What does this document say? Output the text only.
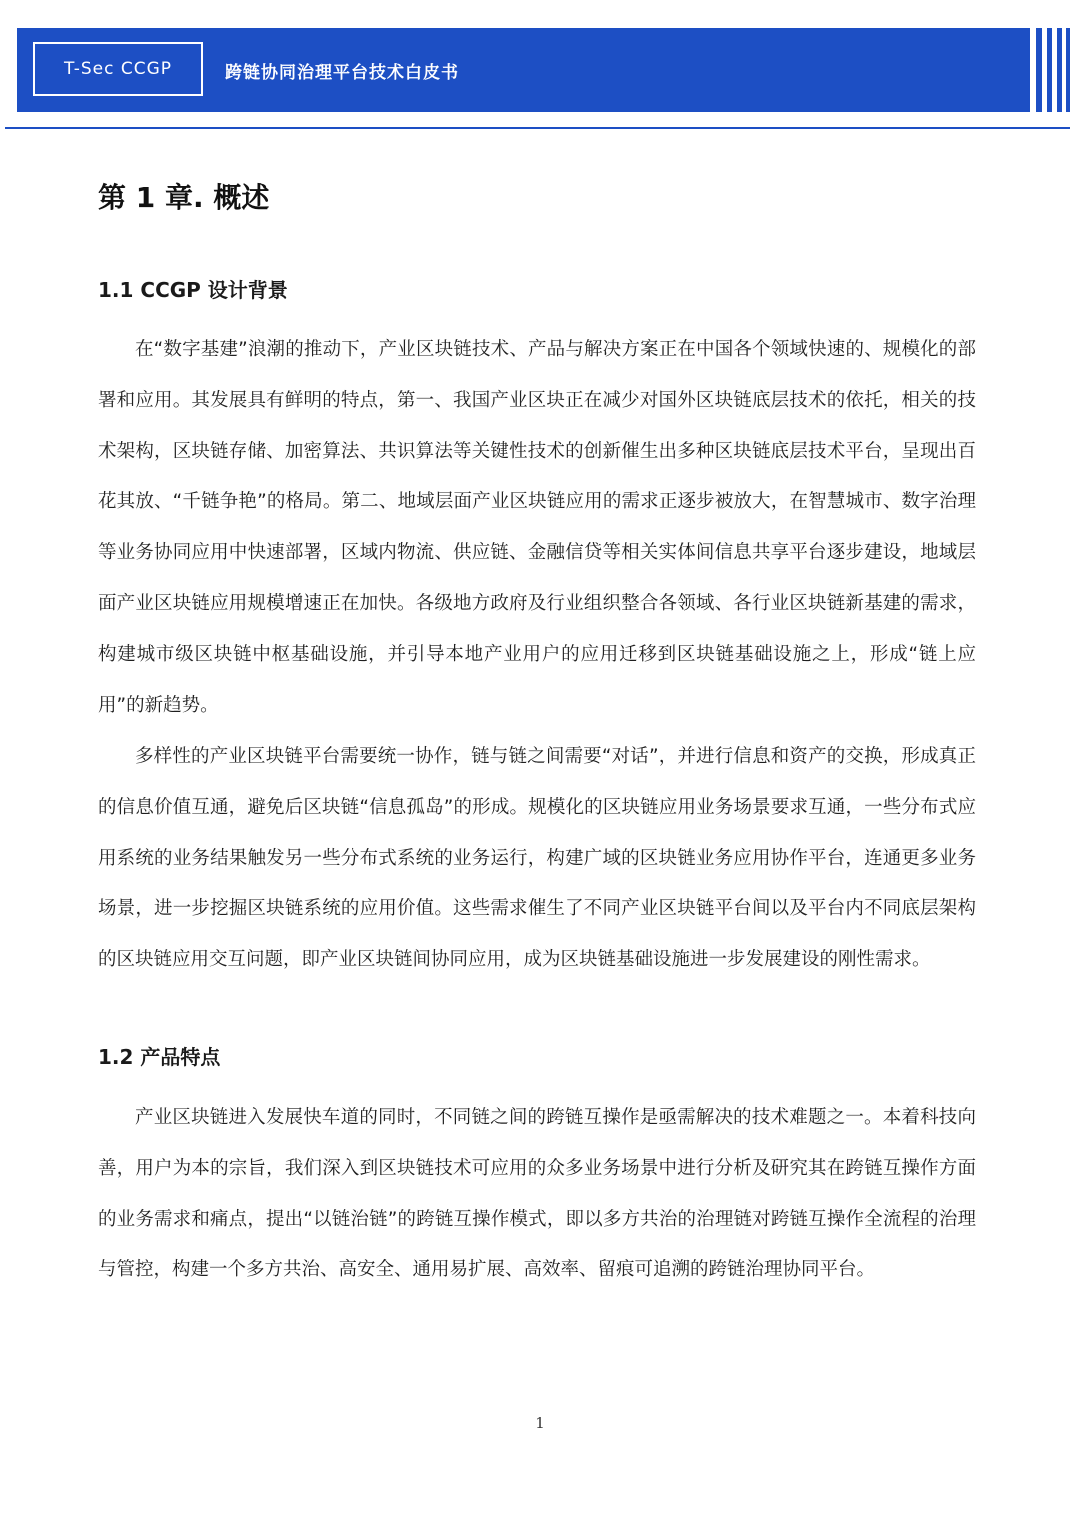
T-Sec CCGP	跨链协同治理平台技术白皮书
第 1 章. 概述
1.1 CCGP 设计背景

在“数字基建”浪潮的推动下，产业区块链技术、产品与解决方案正在中国各个领域快速的、规模化的部署和应用。其发展具有鲜明的特点，第一、我国产业区块正在减少对国外区块链底层技术的依托，相关的技术架构，区块链存储、加密算法、共识算法等关键性技术的创新催生出多种区块链底层技术平台，呈现出百花其放、“千链争艳”的格局。第二、地域层面产业区块链应用的需求正逐步被放大，在智慧城市、数字治理等业务协同应用中快速部署，区域内物流、供应链、金融信贷等相关实体间信息共享平台逐步建设，地域层面产业区块链应用规模增速正在加快。各级地方政府及行业组织整合各领域、各行业区块链新基建的需求，构建城市级区块链中枢基础设施，并引导本地产业用户的应用迁移到区块链基础设施之上，形成“链上应用”的新趋势。

多样性的产业区块链平台需要统一协作，链与链之间需要“对话”，并进行信息和资产的交换，形成真正的信息价值互通，避免后区块链“信息孤岛”的形成。规模化的区块链应用业务场景要求互通，一些分布式应用系统的业务结果触发另一些分布式系统的业务运行，构建广域的区块链业务应用协作平台，连通更多业务场景，进一步挖掘区块链系统的应用价值。这些需求催生了不同产业区块链平台间以及平台内不同底层架构的区块链应用交互问题，即产业区块链间协同应用，成为区块链基础设施进一步发展建设的刚性需求。

1.2 产品特点

产业区块链进入发展快车道的同时，不同链之间的跨链互操作是亟需解决的技术难题之一。本着科技向善，用户为本的宗旨，我们深入到区块链技术可应用的众多业务场景中进行分析及研究其在跨链互操作方面的业务需求和痛点，提出“以链治链”的跨链互操作模式，即以多方共治的治理链对跨链互操作全流程的治理与管控，构建一个多方共治、高安全、通用易扩展、高效率、留痕可追溯的跨链治理协同平台。

1
